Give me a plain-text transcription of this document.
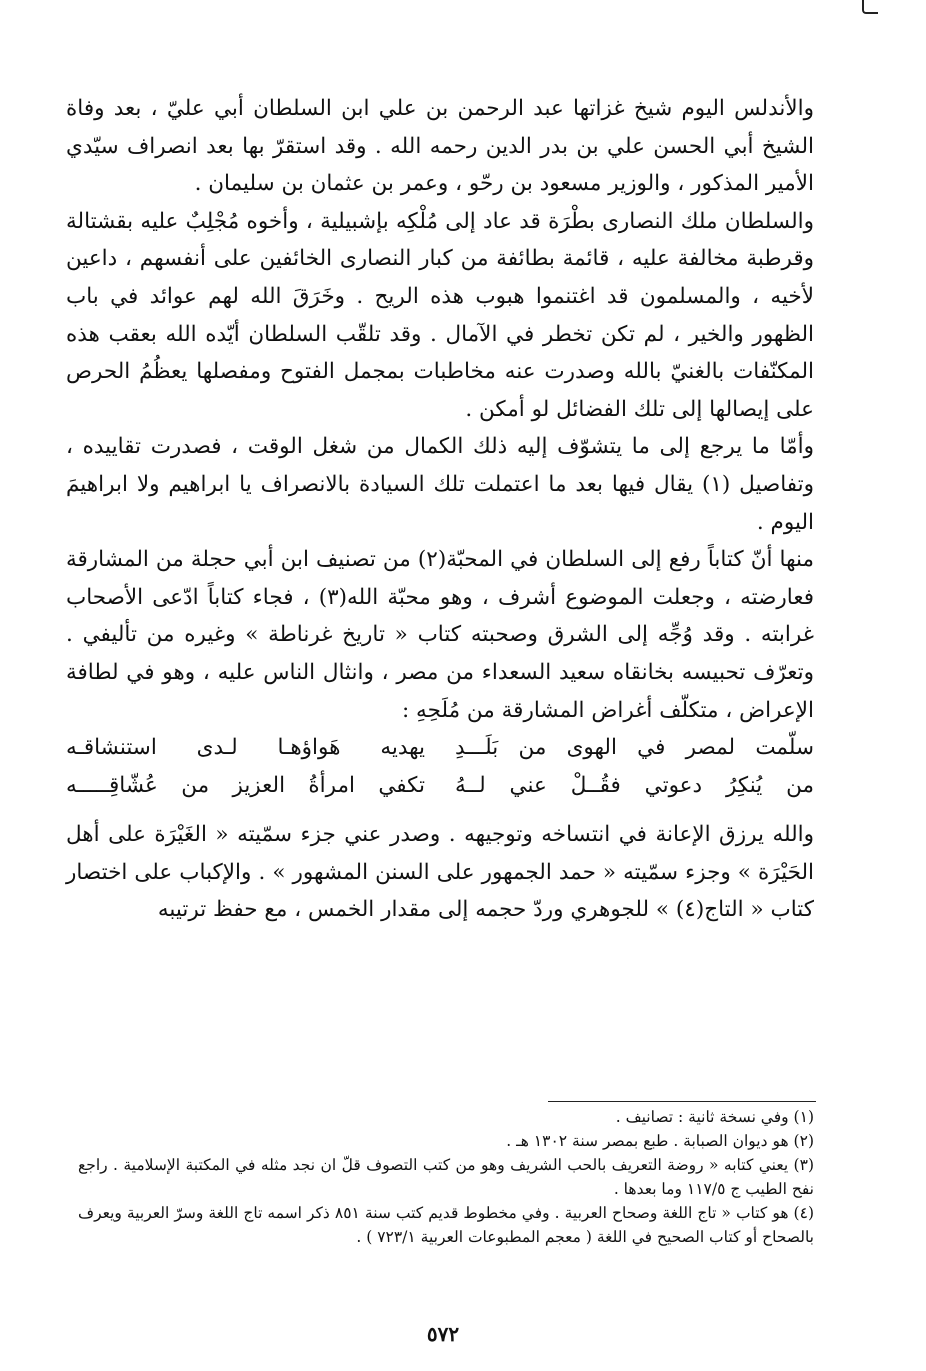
والأندلس اليوم شيخ غزاتها عبد الرحمن بن علي ابن السلطان أبي عليّ ، بعد وفاة الشيخ أبي الحسن علي بن بدر الدين رحمه الله . وقد استقرّ بها بعد انصراف سيّدي الأمير المذكور ، والوزير مسعود بن رحّو ، وعمر بن عثمان بن سليمان .

والسلطان ملك النصارى بطْرَة قد عاد إلى مُلْكِه بإشبيلية ، وأخوه مُجْلِبٌ عليه بقشتالة وقرطبة مخالفة عليه ، قائمة بطائفة من كبار النصارى الخائفين على أنفسهم ، داعين لأخيه ، والمسلمون قد اغتنموا هبوب هذه الريح . وخَرَقَ الله لهم عوائد في باب الظهور والخير ، لم تكن تخطر في الآمال . وقد تلقّب السلطان أيّده الله بعقب هذه المكنّفات بالغنيّ بالله وصدرت عنه مخاطبات بمجمل الفتوح ومفصلها يعظُمُ الحرص على إيصالها إلى تلك الفضائل لو أمكن .

وأمّا ما يرجع إلى ما يتشوّف إليه ذلك الكمال من شغل الوقت ، فصدرت تقاييده ، وتفاصيل (١) يقال فيها بعد ما اعتملت تلك السيادة بالانصراف يا ابراهيم ولا ابراهيمَ اليوم .

منها أنّ كتاباً رفع إلى السلطان في المحبّة(٢) من تصنيف ابن أبي حجلة من المشارقة فعارضته ، وجعلت الموضوع أشرف ، وهو محبّة الله(٣) ، فجاء كتاباً ادّعى الأصحاب غرابته . وقد وُجِّه إلى الشرق وصحبته كتاب « تاريخ غرناطة » وغيره من تأليفي . وتعرّف تحبيسه بخانقاه سعيد السعداء من مصر ، وانثال الناس عليه ، وهو في لطافة الإعراض ، متكلّف أغراض المشارقة من مُلَحِهِ :

سلّمت لمصر في الهوى من بَلَـــدِ
يهديه هَواؤهـا لـدى استنشاقـه
من يُنكِرُ دعوتي فقُــلْ عني لــهُ
تكفي امرأةُ العزيز من عُشّاقِـــــه

والله يرزق الإعانة في انتساخه وتوجيهه . وصدر عني جزء سمّيته « الغَيْرَة على أهل الحَيْرَة » وجزء سمّيته « حمد الجمهور على السنن المشهور » . والإكباب على اختصار كتاب « التاج(٤) » للجوهري وردّ حجمه إلى مقدار الخمس ، مع حفظ ترتيبه

(١) وفي نسخة ثانية : تصانيف .

(٢) هو ديوان الصبابة . طبع بمصر سنة ١٣٠٢ هـ .

(٣) يعني كتابه « روضة التعريف بالحب الشريف وهو من كتب التصوف قلّ ان نجد مثله في المكتبة الإسلامية . راجع نفح الطيب ج ١١٧/٥ وما بعدها .

(٤) هو كتاب « تاج اللغة وصحاح العربية . وفي مخطوط قديم كتب سنة ٨٥١ ذكر اسمه تاج اللغة وسرّ العربية ويعرف بالصحاح أو كتاب الصحيح في اللغة ( معجم المطبوعات العربية ٧٢٣/١ ) .

٥٧٢
